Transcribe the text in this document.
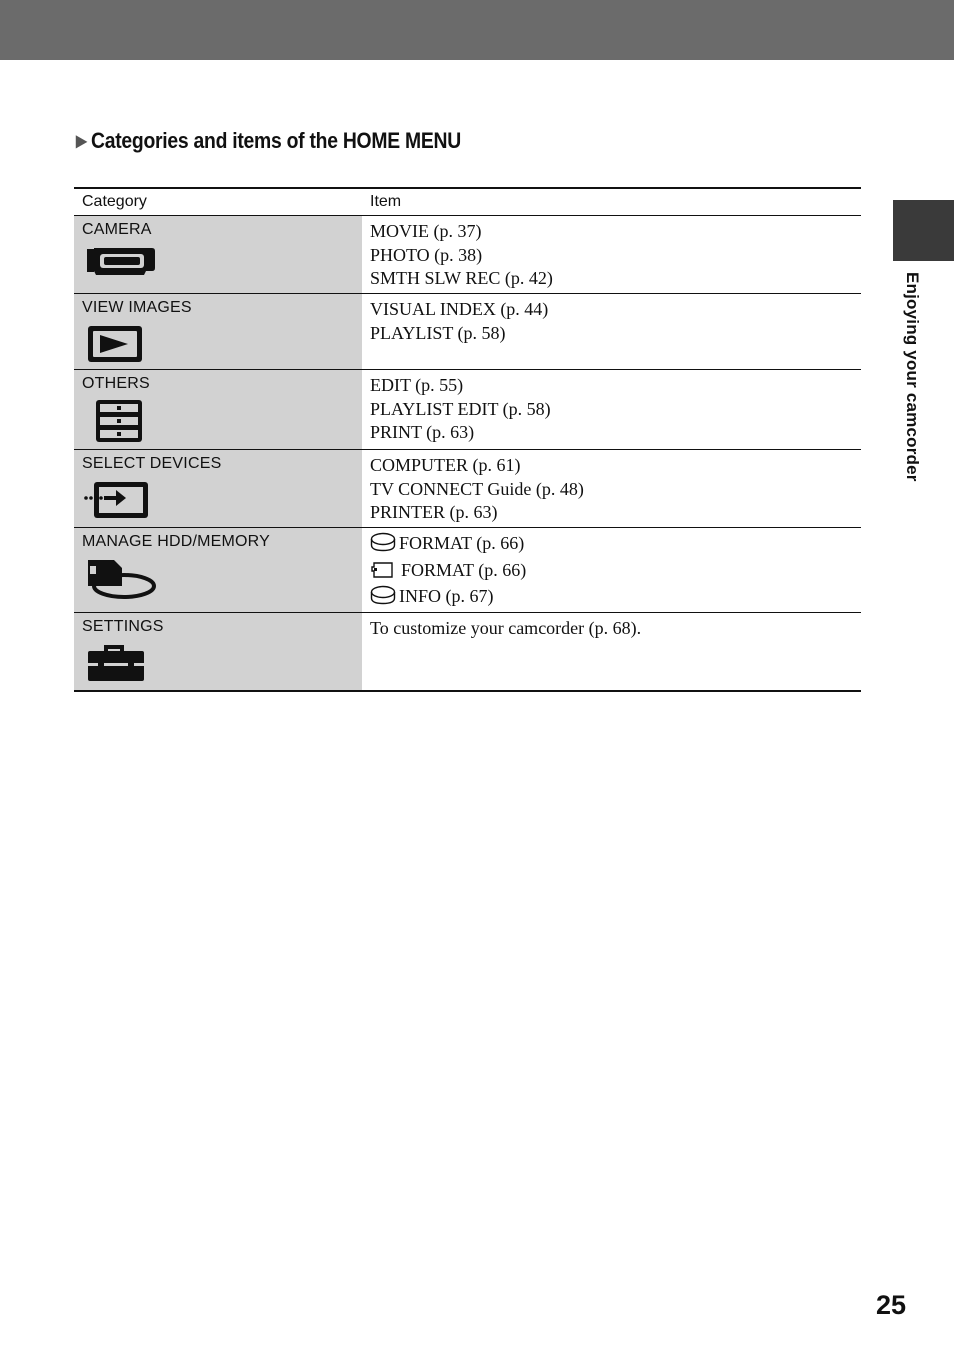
▶ Categories and items of the HOME MENU
Category	Item

CAMERA	MOVIE (p. 37)
PHOTO (p. 38)
SMTH SLW REC (p. 42)

VIEW IMAGES	VISUAL INDEX (p. 44)
PLAYLIST (p. 58)

OTHERS	EDIT (p. 55)
PLAYLIST EDIT (p. 58)
PRINT (p. 63)

SELECT DEVICES	COMPUTER (p. 61)
TV CONNECT Guide (p. 48)
PRINTER (p. 63)

MANAGE HDD/MEMORY	FORMAT (p. 66)
FORMAT (p. 66)
INFO (p. 67)

SETTINGS	To customize your camcorder (p. 68).
Enjoying your camcorder
25
